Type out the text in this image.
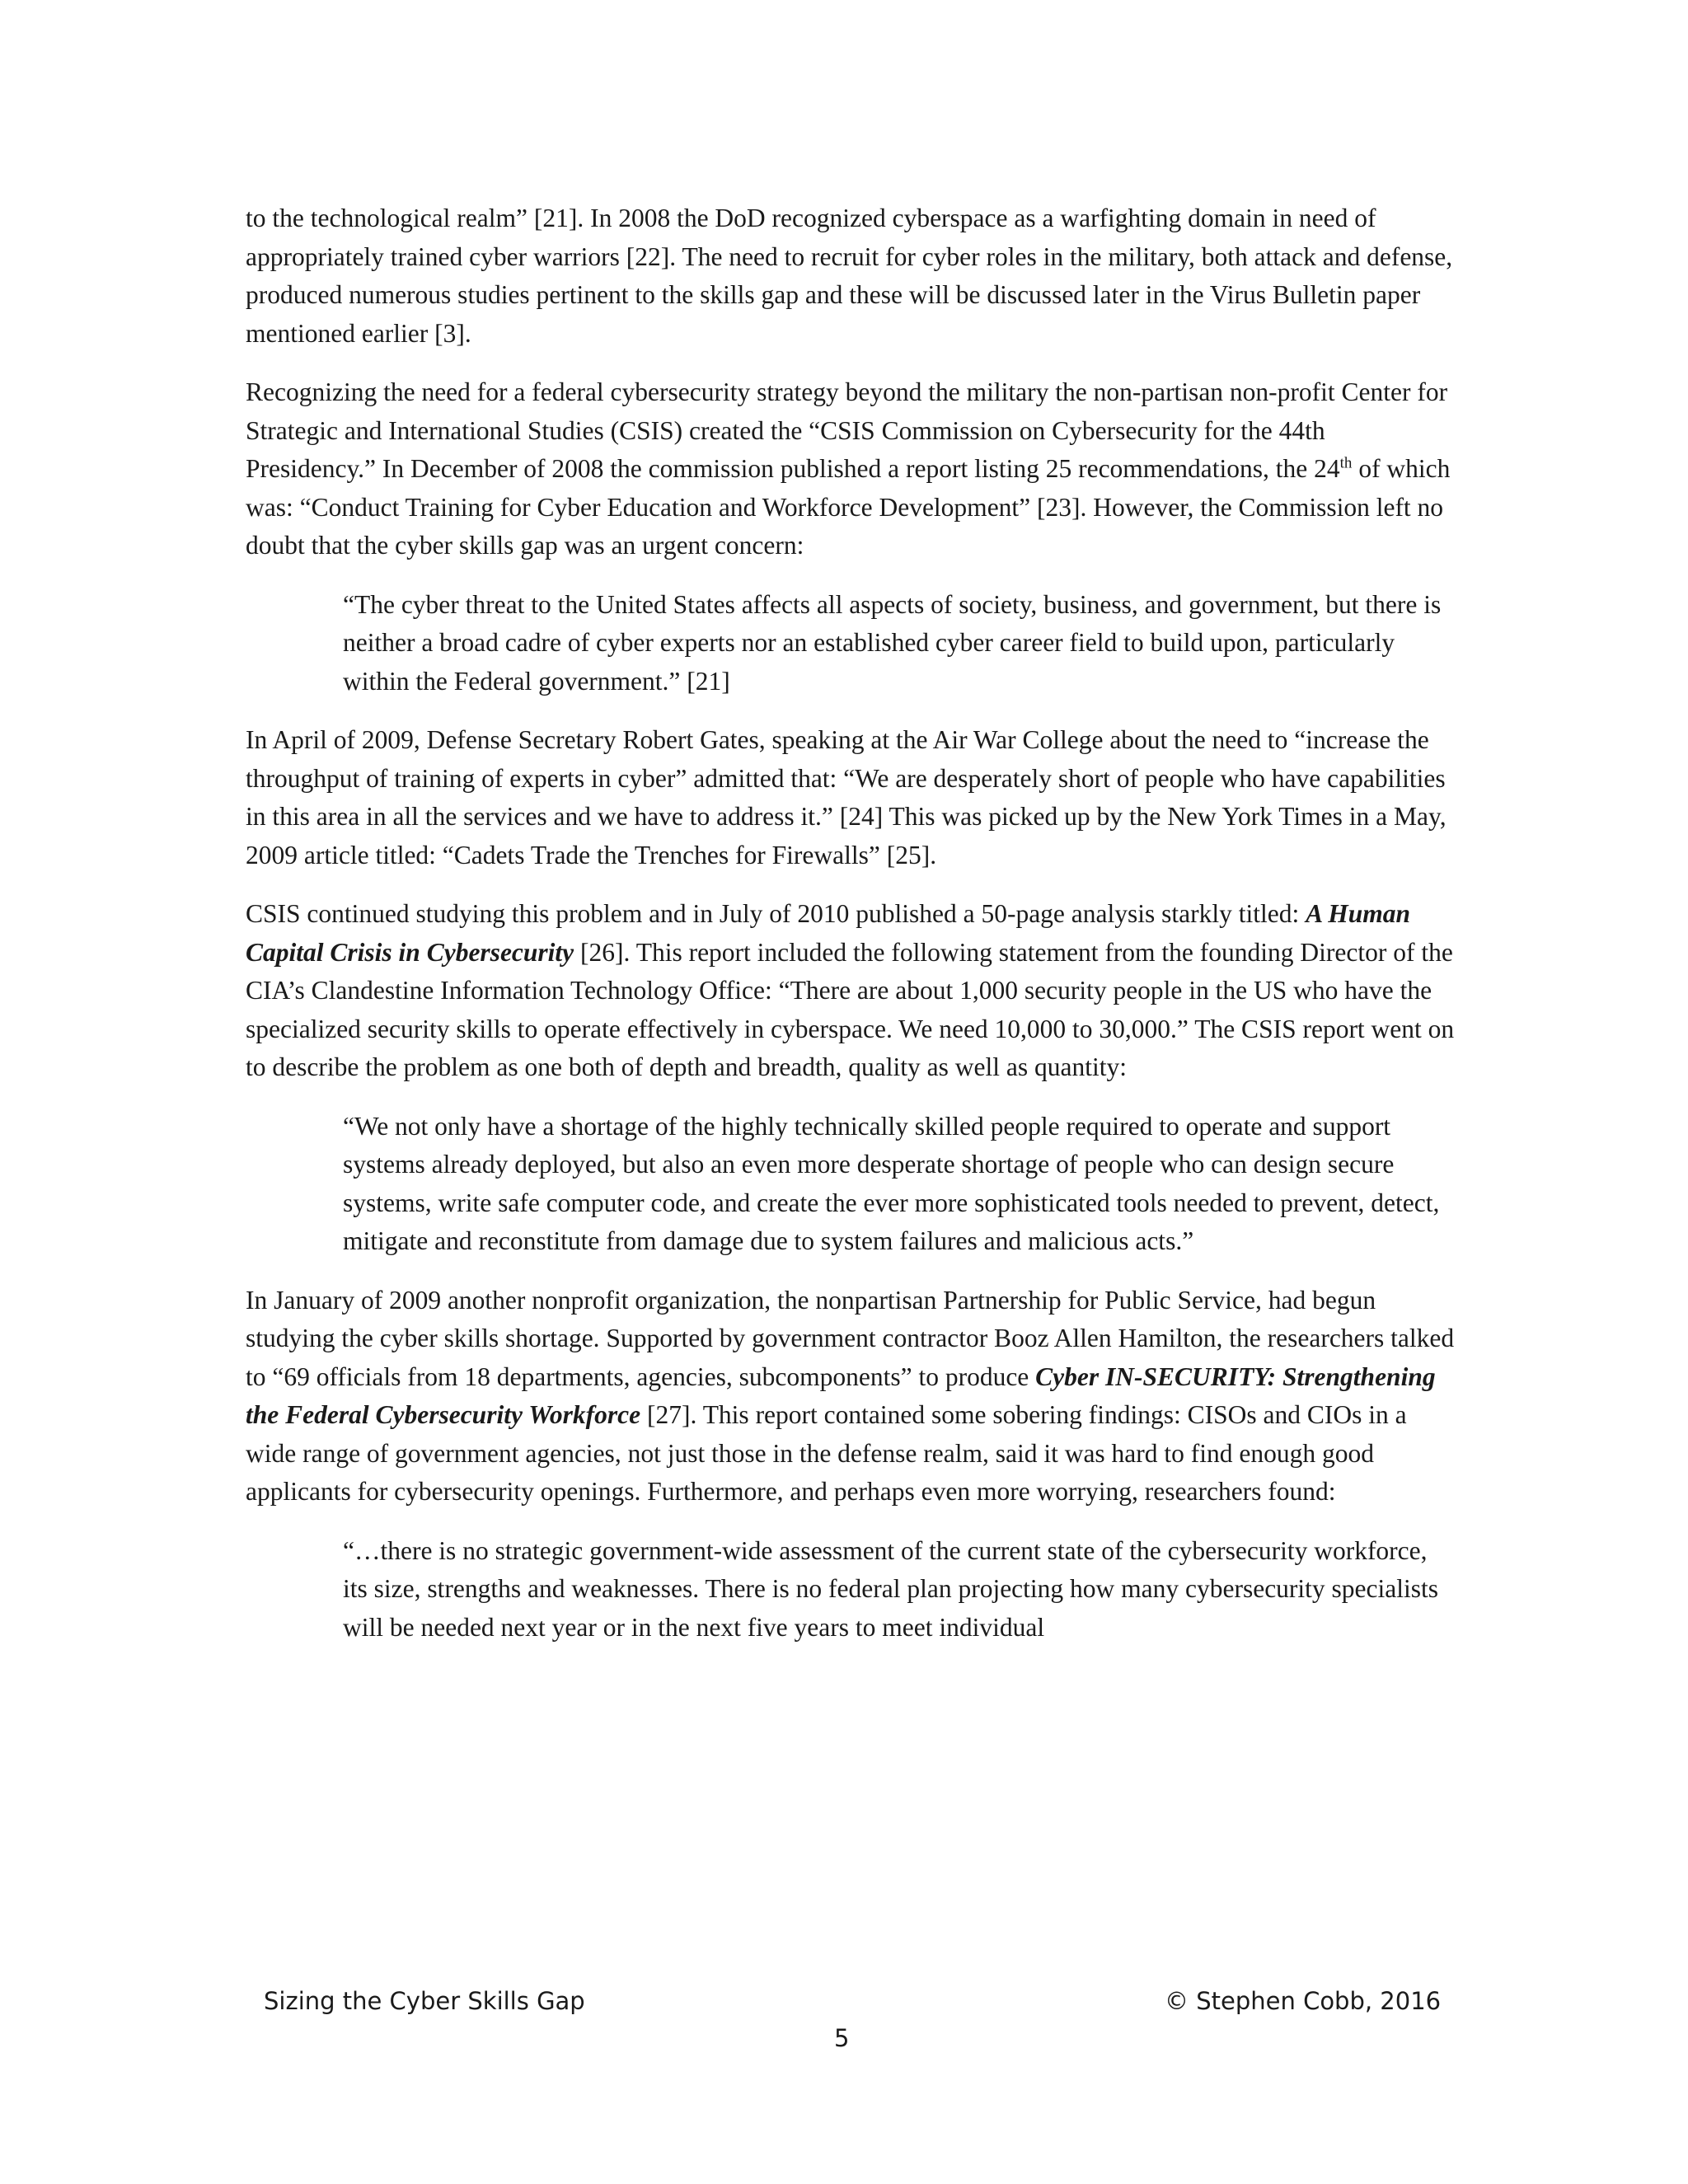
to the technological realm” [21]. In 2008 the DoD recognized cyberspace as a warfighting domain in need of appropriately trained cyber warriors [22]. The need to recruit for cyber roles in the military, both attack and defense, produced numerous studies pertinent to the skills gap and these will be discussed later in the Virus Bulletin paper mentioned earlier [3].

Recognizing the need for a federal cybersecurity strategy beyond the military the non-partisan non-profit Center for Strategic and International Studies (CSIS) created the “CSIS Commission on Cybersecurity for the 44th Presidency.” In December of 2008 the commission published a report listing 25 recommendations, the 24th of which was: “Conduct Training for Cyber Education and Workforce Development” [23]. However, the Commission left no doubt that the cyber skills gap was an urgent concern:

“The cyber threat to the United States affects all aspects of society, business, and government, but there is neither a broad cadre of cyber experts nor an established cyber career field to build upon, particularly within the Federal government.” [21]

In April of 2009, Defense Secretary Robert Gates, speaking at the Air War College about the need to “increase the throughput of training of experts in cyber” admitted that: “We are desperately short of people who have capabilities in this area in all the services and we have to address it.” [24] This was picked up by the New York Times in a May, 2009 article titled: “Cadets Trade the Trenches for Firewalls” [25].

CSIS continued studying this problem and in July of 2010 published a 50-page analysis starkly titled: A Human Capital Crisis in Cybersecurity [26]. This report included the following statement from the founding Director of the CIA’s Clandestine Information Technology Office: “There are about 1,000 security people in the US who have the specialized security skills to operate effectively in cyberspace. We need 10,000 to 30,000.” The CSIS report went on to describe the problem as one both of depth and breadth, quality as well as quantity:

“We not only have a shortage of the highly technically skilled people required to operate and support systems already deployed, but also an even more desperate shortage of people who can design secure systems, write safe computer code, and create the ever more sophisticated tools needed to prevent, detect, mitigate and reconstitute from damage due to system failures and malicious acts.”

In January of 2009 another nonprofit organization, the nonpartisan Partnership for Public Service, had begun studying the cyber skills shortage. Supported by government contractor Booz Allen Hamilton, the researchers talked to “69 officials from 18 departments, agencies, subcomponents” to produce Cyber IN-SECURITY: Strengthening the Federal Cybersecurity Workforce [27]. This report contained some sobering findings: CISOs and CIOs in a wide range of government agencies, not just those in the defense realm, said it was hard to find enough good applicants for cybersecurity openings. Furthermore, and perhaps even more worrying, researchers found:

“…there is no strategic government-wide assessment of the current state of the cybersecurity workforce, its size, strengths and weaknesses. There is no federal plan projecting how many cybersecurity specialists will be needed next year or in the next five years to meet individual

Sizing the Cyber Skills Gap	© Stephen Cobb, 2016
5
